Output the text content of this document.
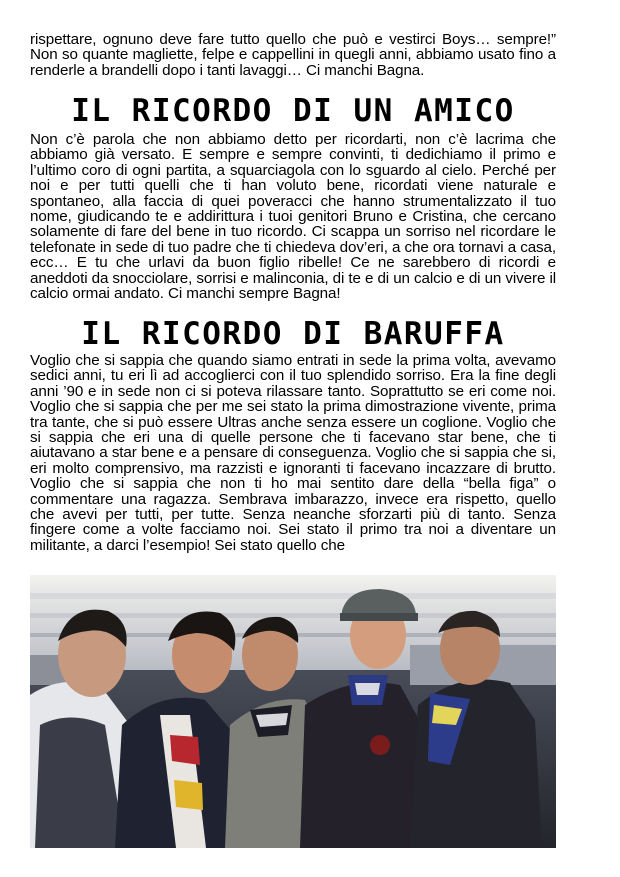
rispettare, ognuno deve fare tutto quello che può e vestirci Boys… sempre!” Non so quante magliette, felpe e cappellini in quegli anni, abbiamo usato fino a renderle a brandelli dopo i tanti lavaggi… Ci manchi Bagna.

IL RICORDO DI UN AMICO

Non c’è parola che non abbiamo detto per ricordarti, non c’è lacrima che abbiamo già versato. E sempre e sempre convinti, ti dedichiamo il primo e l’ultimo coro di ogni partita, a squarciagola con lo sguardo al cielo. Perché per noi e per tutti quelli che ti han voluto bene, ricordati viene naturale e spontaneo, alla faccia di quei poveracci che hanno strumentalizzato il tuo nome, giudicando te e addirittura i tuoi genitori Bruno e Cristina, che cercano solamente di fare del bene in tuo ricordo. Ci scappa un sorriso nel ricordare le telefonate in sede di tuo padre che ti chiedeva dov’eri, a che ora tornavi a casa, ecc… E tu che urlavi da buon figlio ribelle! Ce ne sarebbero di ricordi e aneddoti da snocciolare, sorrisi e malinconia, di te e di un calcio e di un vivere il calcio ormai andato. Ci manchi sempre Bagna!

IL RICORDO DI BARUFFA

Voglio che si sappia che quando siamo entrati in sede la prima volta, avevamo sedici anni, tu eri lì ad accoglierci con il tuo splendido sorriso. Era la fine degli anni ’90 e in sede non ci si poteva rilassare tanto. Soprattutto se eri come noi. Voglio che si sappia che per me sei stato la prima dimostrazione vivente, prima tra tante, che si può essere Ultras anche senza essere un coglione. Voglio che si sappia che eri una di quelle persone che ti facevano star bene, che ti aiutavano a star bene e a pensare di conseguenza. Voglio che si sappia che si, eri molto comprensivo, ma razzisti e ignoranti ti facevano incazzare di brutto. Voglio che si sappia che non ti ho mai sentito dare della “bella figa” o commentare una ragazza. Sembrava imbarazzo, invece era rispetto, quello che avevi per tutti, per tutte. Senza neanche sforzarti più di tanto. Senza fingere come a volte facciamo noi. Sei stato il primo tra noi a diventare un militante, a darci l’esempio! Sei stato quello che
